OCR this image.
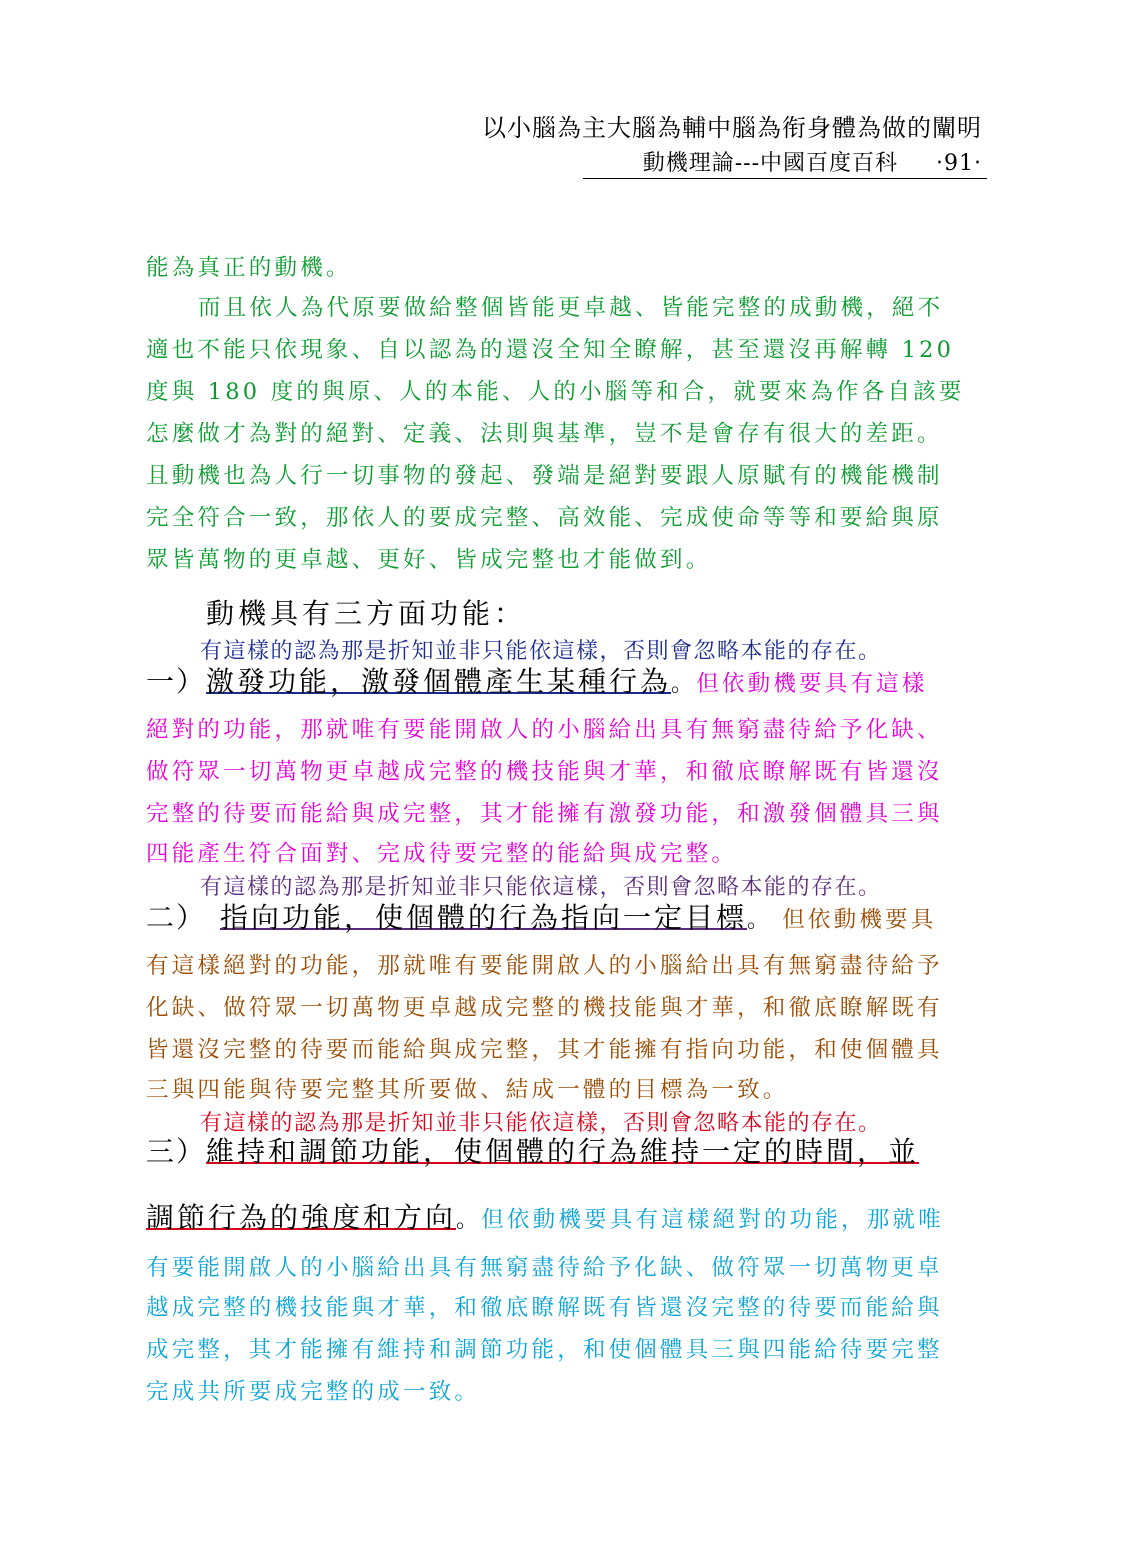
以小腦為主大腦為輔中腦為衔身體為做的闡明
動機理論---中國百度百科 ‧91‧
能為真正的動機。
而且依人為代原要做給整個皆能更卓越、皆能完整的成動機，絕不
適也不能只依現象、自以認為的還沒全知全瞭解，甚至還沒再解轉 120
度與 180 度的與原、人的本能、人的小腦等和合，就要來為作各自該要
怎麼做才為對的絕對、定義、法則與基準，豈不是會存有很大的差距。
且動機也為人行一切事物的發起、發端是絕對要跟人原賦有的機能機制
完全符合一致，那依人的要成完整、高效能、完成使命等等和要給與原
眾皆萬物的更卓越、更好、皆成完整也才能做到。
動機具有三方面功能：
有這樣的認為那是折知並非只能依這樣，否則會忽略本能的存在。
一）激發功能，激發個體產生某種行為。但依動機要具有這樣
絕對的功能，那就唯有要能開啟人的小腦給出具有無窮盡待給予化缺、
做符眾一切萬物更卓越成完整的機技能與才華，和徹底瞭解既有皆還沒
完整的待要而能給與成完整，其才能擁有激發功能，和激發個體具三與
四能產生符合面對、完成待要完整的能給與成完整。
有這樣的認為那是折知並非只能依這樣，否則會忽略本能的存在。
二） 指向功能，使個體的行為指向一定目標。 但依動機要具
有這樣絕對的功能，那就唯有要能開啟人的小腦給出具有無窮盡待給予
化缺、做符眾一切萬物更卓越成完整的機技能與才華，和徹底瞭解既有
皆還沒完整的待要而能給與成完整，其才能擁有指向功能，和使個體具
三與四能與待要完整其所要做、結成一體的目標為一致。
有這樣的認為那是折知並非只能依這樣，否則會忽略本能的存在。
三）維持和調節功能，使個體的行為維持一定的時間，並
調節行為的強度和方向。但依動機要具有這樣絕對的功能，那就唯
有要能開啟人的小腦給出具有無窮盡待給予化缺、做符眾一切萬物更卓
越成完整的機技能與才華，和徹底瞭解既有皆還沒完整的待要而能給與
成完整，其才能擁有維持和調節功能，和使個體具三與四能給待要完整
完成共所要成完整的成一致。
